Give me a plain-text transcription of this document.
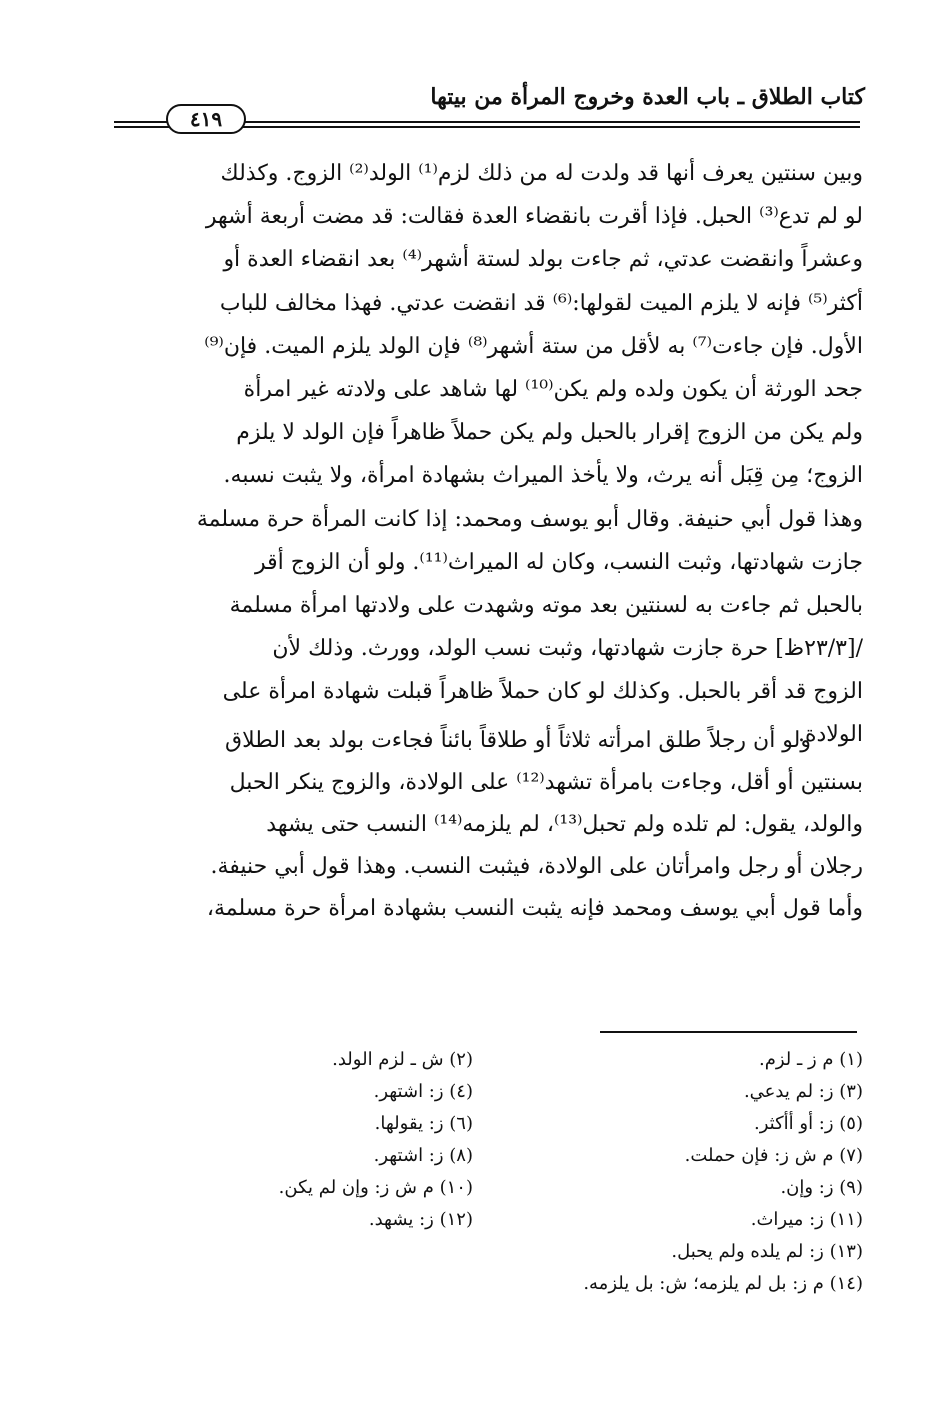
كتاب الطلاق ـ باب العدة وخروج المرأة من بيتها
٤١٩
وبين سنتين يعرف أنها قد ولدت له من ذلك لزم⁽¹⁾ الولد⁽²⁾ الزوج. وكذلك
لو لم تدع⁽³⁾ الحبل. فإذا أقرت بانقضاء العدة فقالت: قد مضت أربعة أشهر
وعشراً وانقضت عدتي، ثم جاءت بولد لستة أشهر⁽⁴⁾ بعد انقضاء العدة أو
أكثر⁽⁵⁾ فإنه لا يلزم الميت لقولها:⁽⁶⁾ قد انقضت عدتي. فهذا مخالف للباب
الأول. فإن جاءت⁽⁷⁾ به لأقل من ستة أشهر⁽⁸⁾ فإن الولد يلزم الميت. فإن⁽⁹⁾
جحد الورثة أن يكون ولده ولم يكن⁽¹⁰⁾ لها شاهد على ولادته غير امرأة
ولم يكن من الزوج إقرار بالحبل ولم يكن حملاً ظاهراً فإن الولد لا يلزم
الزوج؛ مِن قِبَل أنه يرث، ولا يأخذ الميراث بشهادة امرأة، ولا يثبت نسبه.
وهذا قول أبي حنيفة. وقال أبو يوسف ومحمد: إذا كانت المرأة حرة مسلمة
جازت شهادتها، وثبت النسب، وكان له الميراث⁽¹¹⁾. ولو أن الزوج أقر
بالحبل ثم جاءت به لسنتين بعد موته وشهدت على ولادتها امرأة مسلمة
/[٢٣/٣ظ] حرة جازت شهادتها، وثبت نسب الولد، وورث. وذلك لأن
الزوج قد أقر بالحبل. وكذلك لو كان حملاً ظاهراً قبلت شهادة امرأة على
الولادة.
ولو أن رجلاً طلق امرأته ثلاثاً أو طلاقاً بائناً فجاءت بولد بعد الطلاق
بسنتين أو أقل، وجاءت بامرأة تشهد⁽¹²⁾ على الولادة، والزوج ينكر الحبل
والولد، يقول: لم تلده ولم تحبل⁽¹³⁾، لم يلزمه⁽¹⁴⁾ النسب حتى يشهد
رجلان أو رجل وامرأتان على الولادة، فيثبت النسب. وهذا قول أبي حنيفة.
وأما قول أبي يوسف ومحمد فإنه يثبت النسب بشهادة امرأة حرة مسلمة،
(١) م ز ـ لزم.
(٣) ز: لم يدعي.
(٥) ز: أو أأكثر.
(٧) م ش ز: فإن حملت.
(٩) ز: وإن.
(١١) ز: ميراث.
(١٣) ز: لم يلده ولم يحبل.
(١٤) م ز: بل لم يلزمه؛ ش: بل يلزمه.
(٢) ش ـ لزم الولد.
(٤) ز: اشتهر.
(٦) ز: يقولها.
(٨) ز: اشتهر.
(١٠) م ش ز: وإن لم يكن.
(١٢) ز: يشهد.
